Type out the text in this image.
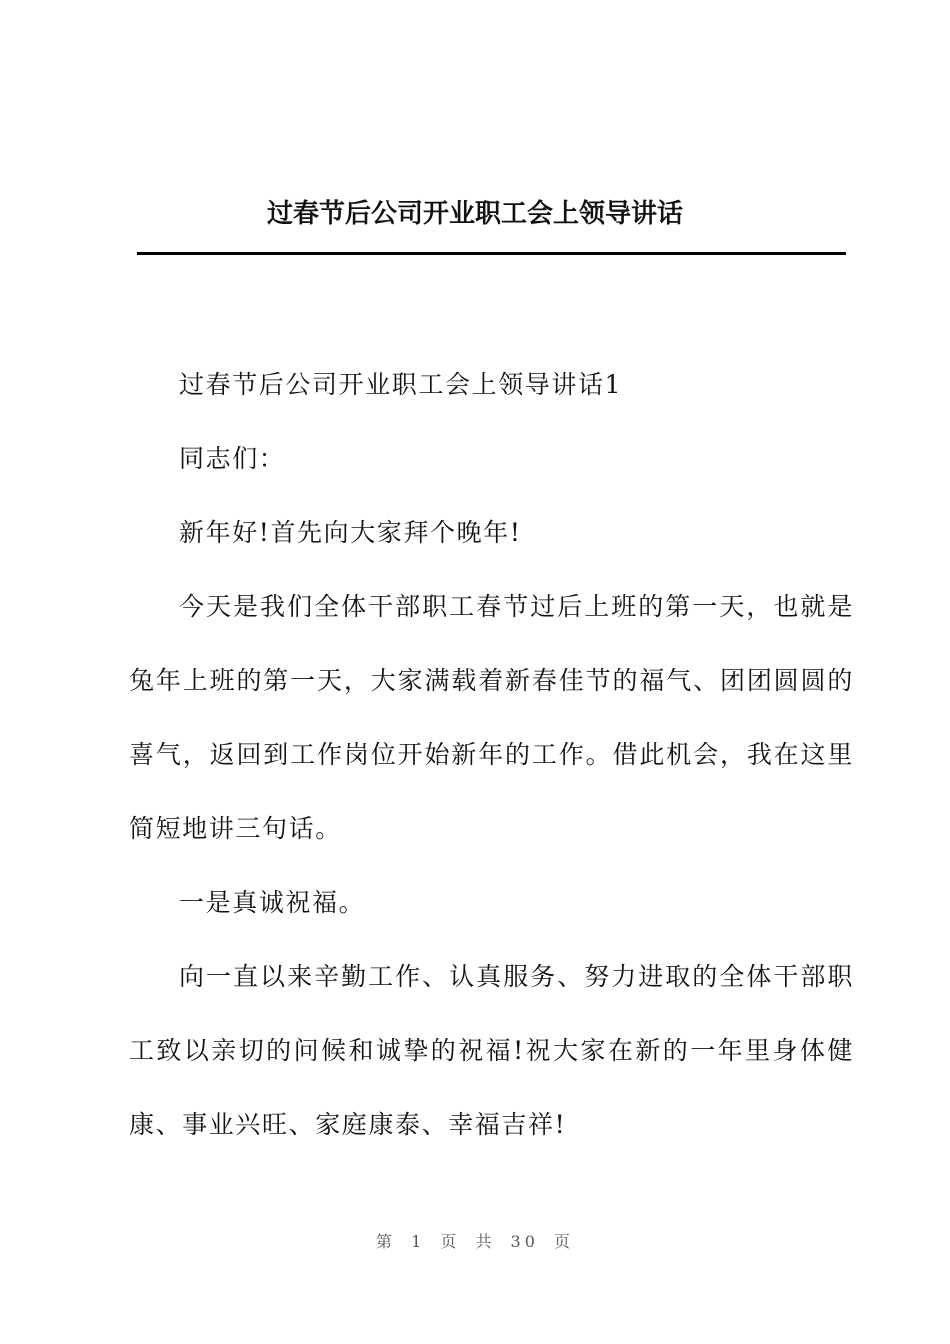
过春节后公司开业职工会上领导讲话

过春节后公司开业职工会上领导讲话1

同志们：

新年好!首先向大家拜个晚年!

今天是我们全体干部职工春节过后上班的第一天，也就是兔年上班的第一天，大家满载着新春佳节的福气、团团圆圆的喜气，返回到工作岗位开始新年的工作。借此机会，我在这里简短地讲三句话。

一是真诚祝福。

向一直以来辛勤工作、认真服务、努力进取的全体干部职工致以亲切的问候和诚挚的祝福!祝大家在新的一年里身体健康、事业兴旺、家庭康泰、幸福吉祥!

第 1 页 共 30 页
